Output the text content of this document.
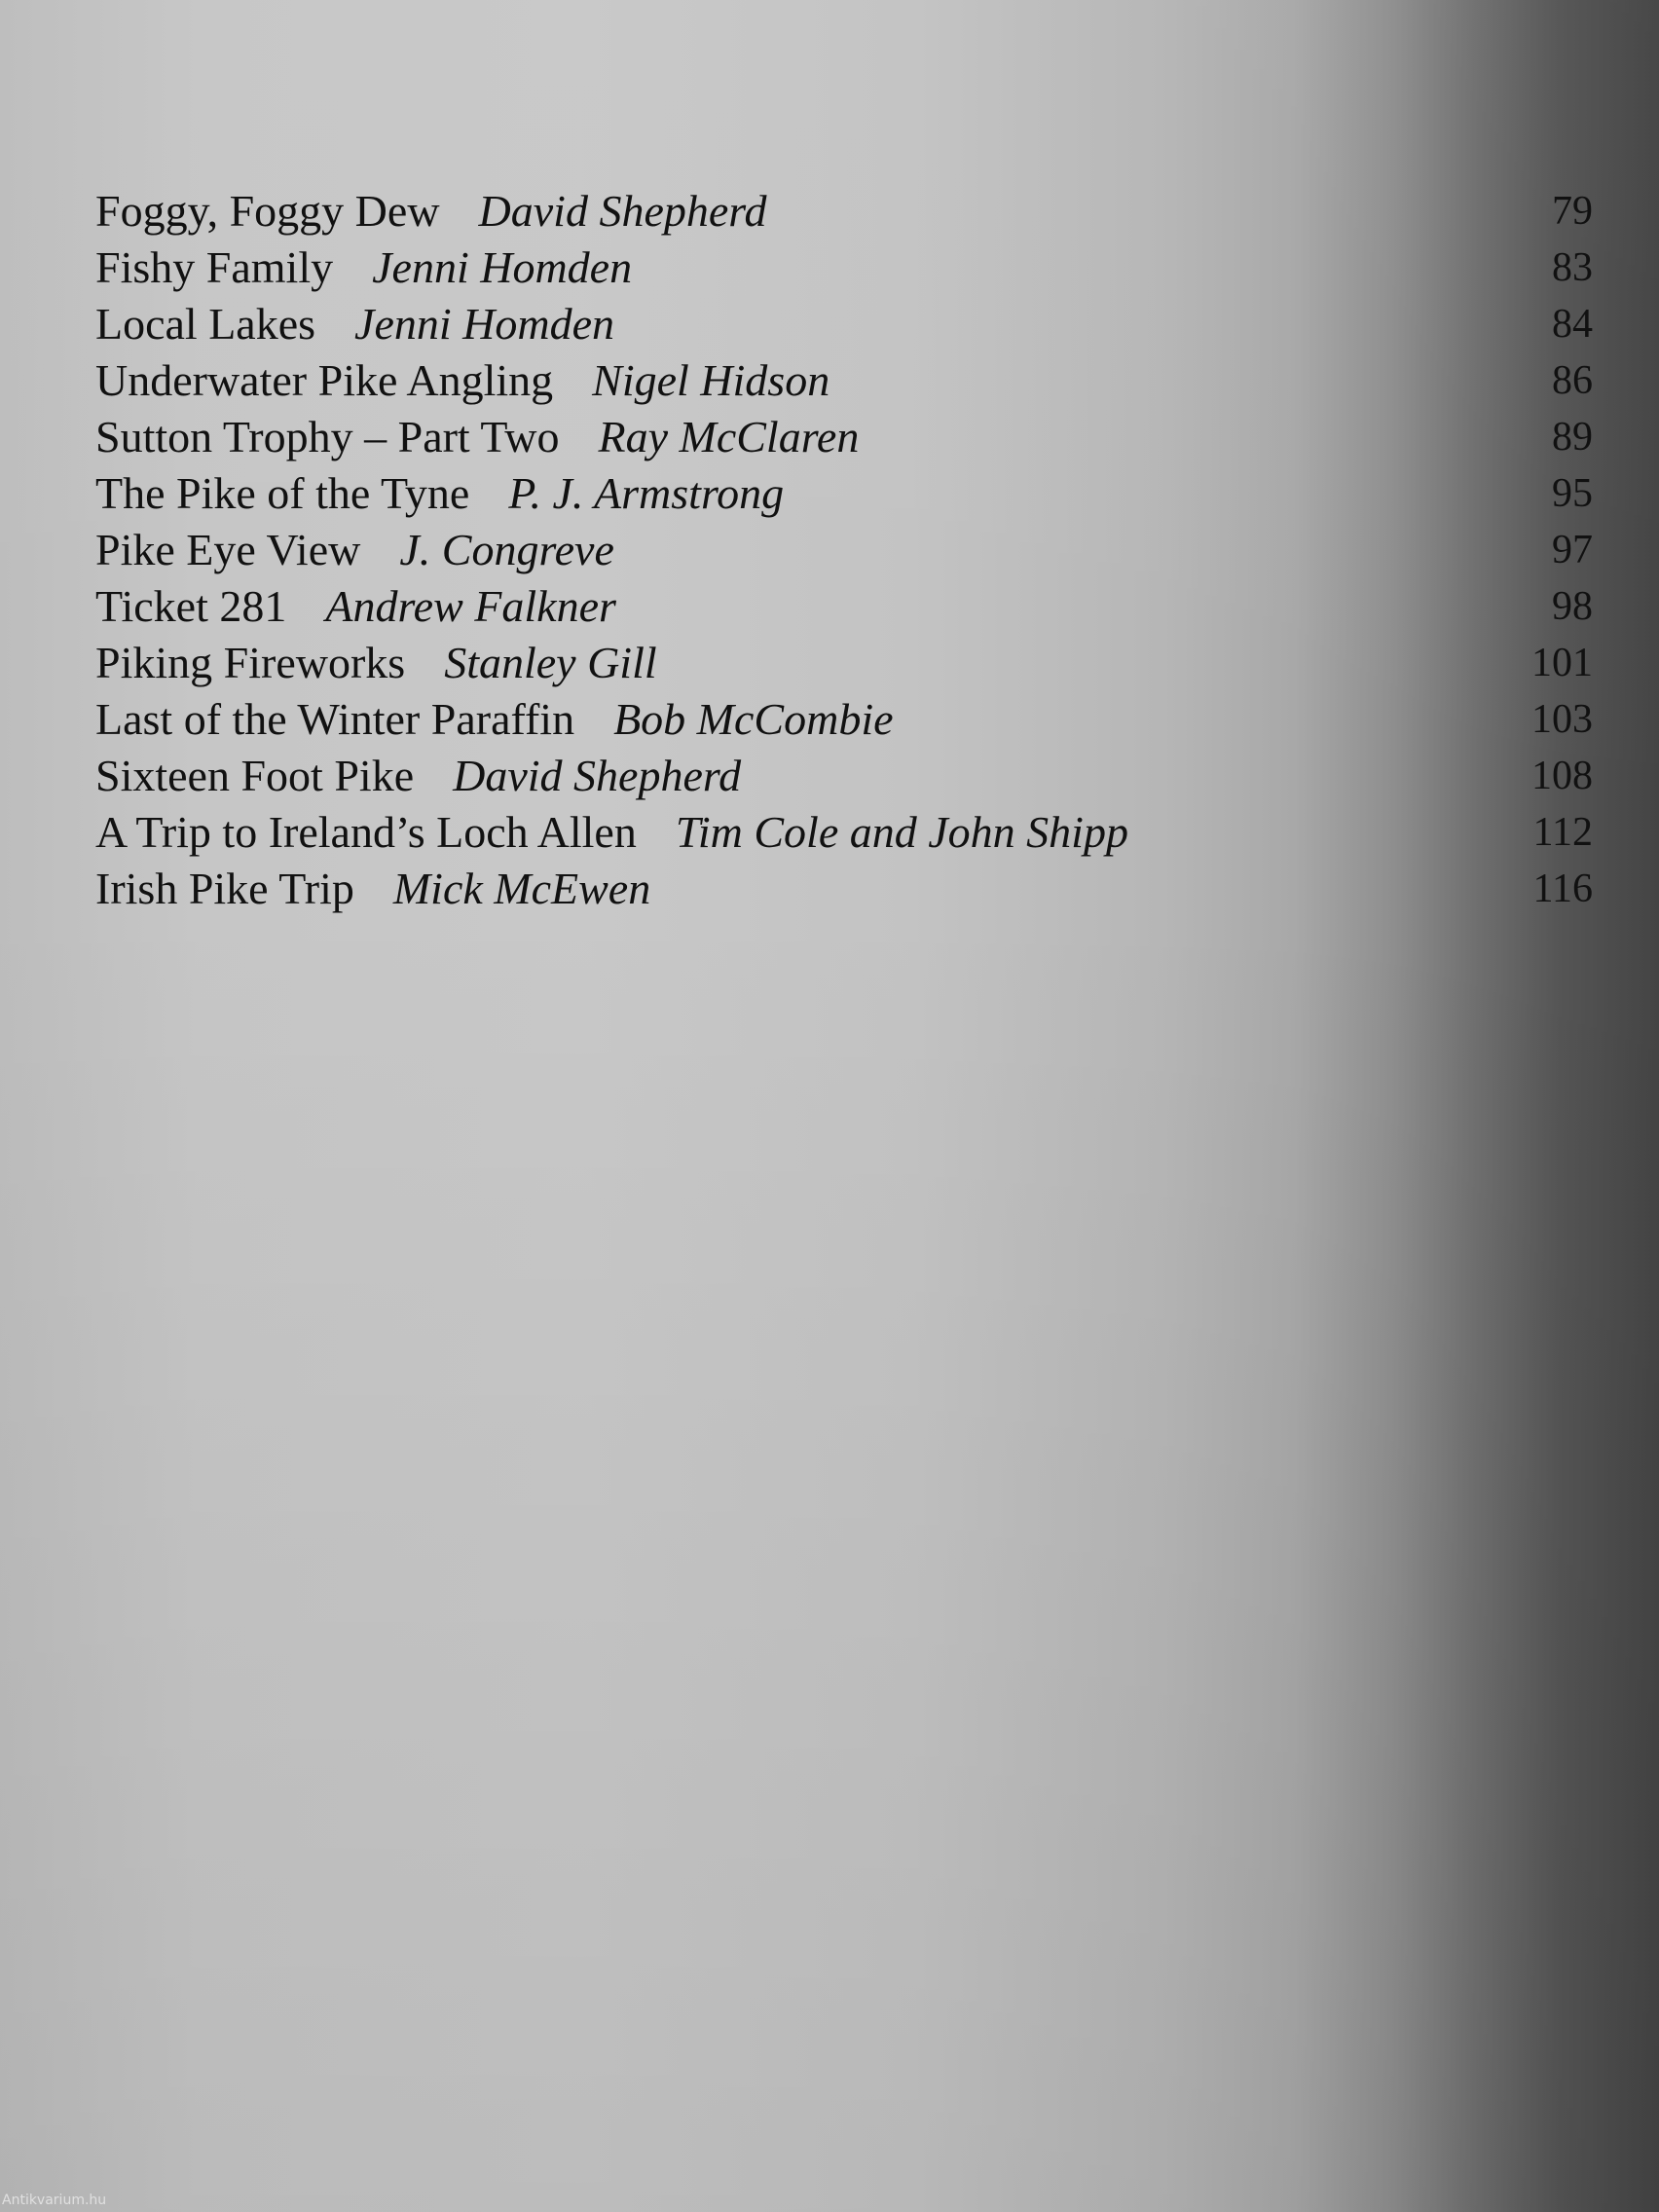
Foggy, Foggy Dew David Shepherd	79
Fishy Family Jenni Homden	83
Local Lakes Jenni Homden	84
Underwater Pike Angling Nigel Hidson	86
Sutton Trophy – Part Two Ray McClaren	89
The Pike of the Tyne P. J. Armstrong	95
Pike Eye View J. Congreve	97
Ticket 281 Andrew Falkner	98
Piking Fireworks Stanley Gill	101
Last of the Winter Paraffin Bob McCombie	103
Sixteen Foot Pike David Shepherd	108
A Trip to Ireland’s Loch Allen Tim Cole and John Shipp	112
Irish Pike Trip Mick McEwen	116
Antikvarium.hu
